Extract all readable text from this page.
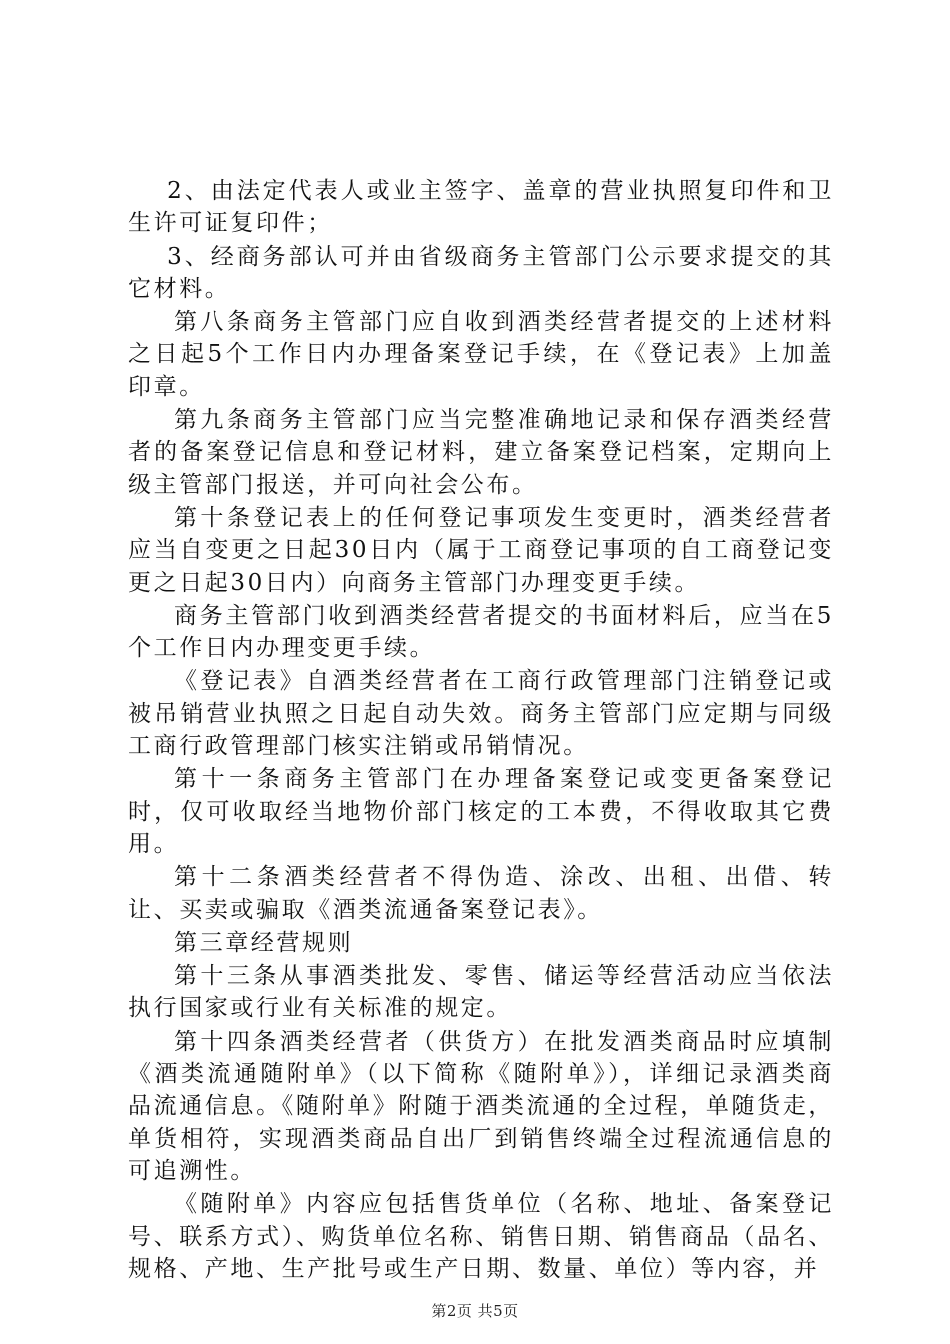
2、由法定代表人或业主签字、盖章的营业执照复印件和卫生许可证复印件；

3、经商务部认可并由省级商务主管部门公示要求提交的其它材料。

第八条商务主管部门应自收到酒类经营者提交的上述材料之日起5个工作日内办理备案登记手续，在《登记表》上加盖印章。

第九条商务主管部门应当完整准确地记录和保存酒类经营者的备案登记信息和登记材料，建立备案登记档案，定期向上级主管部门报送，并可向社会公布。

第十条登记表上的任何登记事项发生变更时，酒类经营者应当自变更之日起30日内（属于工商登记事项的自工商登记变更之日起30日内）向商务主管部门办理变更手续。

商务主管部门收到酒类经营者提交的书面材料后，应当在5个工作日内办理变更手续。

《登记表》自酒类经营者在工商行政管理部门注销登记或被吊销营业执照之日起自动失效。商务主管部门应定期与同级工商行政管理部门核实注销或吊销情况。

第十一条商务主管部门在办理备案登记或变更备案登记时，仅可收取经当地物价部门核定的工本费，不得收取其它费用。

第十二条酒类经营者不得伪造、涂改、出租、出借、转让、买卖或骗取《酒类流通备案登记表》。

第三章经营规则

第十三条从事酒类批发、零售、储运等经营活动应当依法执行国家或行业有关标准的规定。

第十四条酒类经营者（供货方）在批发酒类商品时应填制《酒类流通随附单》（以下简称《随附单》），详细记录酒类商品流通信息。《随附单》附随于酒类流通的全过程，单随货走，单货相符，实现酒类商品自出厂到销售终端全过程流通信息的可追溯性。

《随附单》内容应包括售货单位（名称、地址、备案登记号、联系方式）、购货单位名称、销售日期、销售商品（品名、规格、产地、生产批号或生产日期、数量、单位）等内容，并

第2页 共5页
